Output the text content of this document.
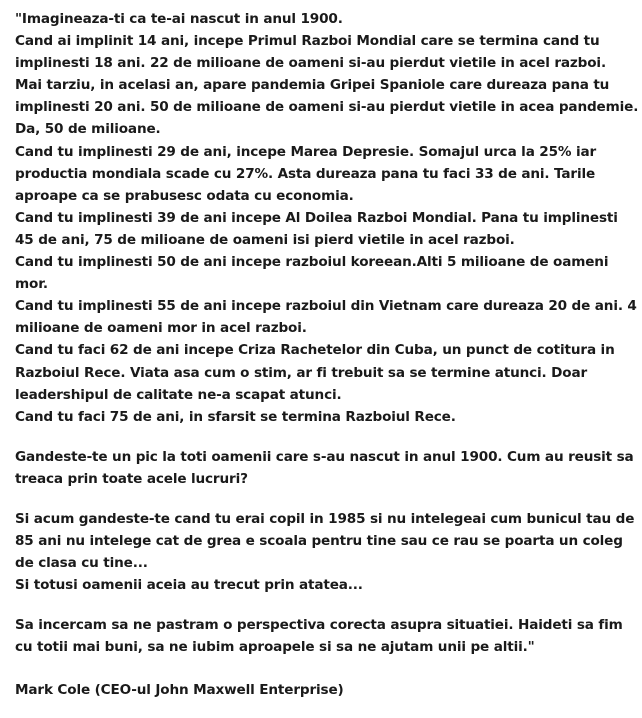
"Imagineaza-ti ca te-ai nascut in anul 1900.

Cand ai implinit 14 ani, incepe Primul Razboi Mondial care se termina cand tu implinesti 18 ani. 22 de milioane de oameni si-au pierdut vietile in acel razboi.

Mai tarziu, in acelasi an, apare pandemia Gripei Spaniole care dureaza pana tu implinesti 20 ani. 50 de milioane de oameni si-au pierdut vietile in acea pandemie. Da, 50 de milioane.

Cand tu implinesti 29 de ani, incepe Marea Depresie. Somajul urca la 25% iar productia mondiala scade cu 27%. Asta dureaza pana tu faci 33 de ani. Tarile aproape ca se prabusesc odata cu economia.

Cand tu implinesti 39 de ani incepe Al Doilea Razboi Mondial. Pana tu implinesti 45 de ani, 75 de milioane de oameni isi pierd vietile in acel razboi.

Cand tu implinesti 50 de ani incepe razboiul koreean.Alti 5 milioane de oameni mor.

Cand tu implinesti 55 de ani incepe razboiul din Vietnam care dureaza 20 de ani. 4 milioane de oameni mor in acel razboi.

Cand tu faci 62 de ani incepe Criza Rachetelor din Cuba, un punct de cotitura in Razboiul Rece. Viata asa cum o stim, ar fi trebuit sa se termine atunci. Doar leadershipul de calitate ne-a scapat atunci.

Cand tu faci 75 de ani, in sfarsit se termina Razboiul Rece.

Gandeste-te un pic la toti oamenii care s-au nascut in anul 1900. Cum au reusit sa treaca prin toate acele lucruri?

Si acum gandeste-te cand tu erai copil in 1985 si nu intelegeai cum bunicul tau de 85 ani nu intelege cat de grea e scoala pentru tine sau ce rau se poarta un coleg de clasa cu tine...

Si totusi oamenii aceia au trecut prin atatea...

Sa incercam sa ne pastram o perspectiva corecta asupra situatiei. Haideti sa fim cu totii mai buni, sa ne iubim aproapele si sa ne ajutam unii pe altii."

Mark Cole (CEO-ul John Maxwell Enterprise)
